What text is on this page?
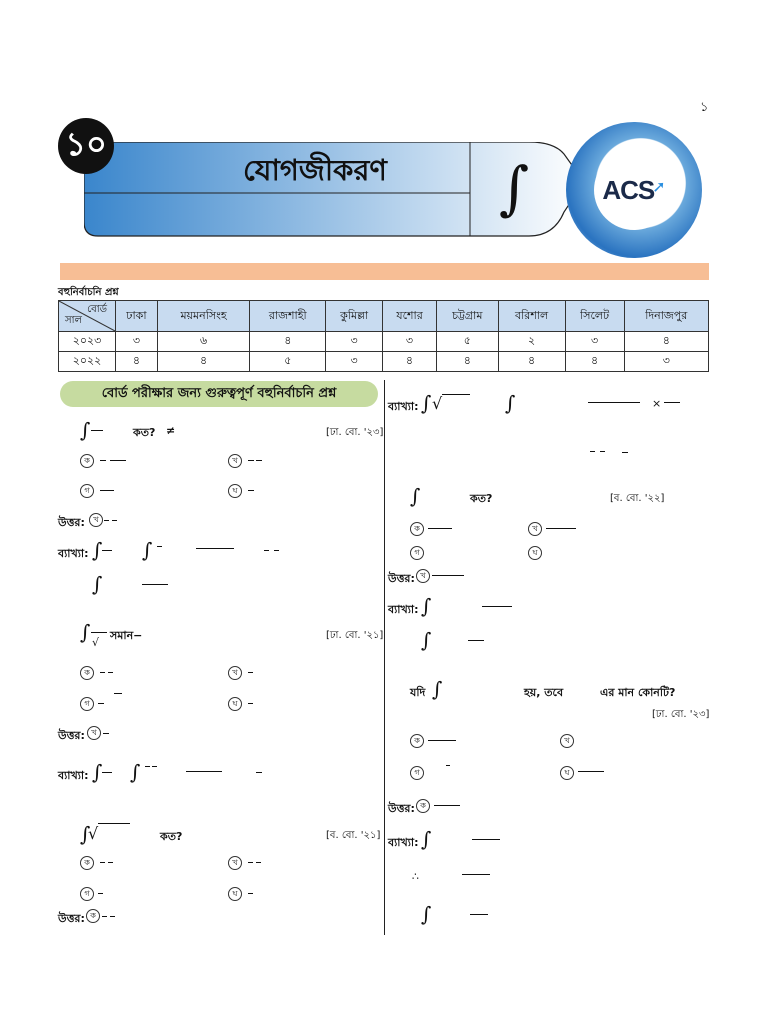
১
১০
যোগজীকরণ	∫	ACS
➚
বহুনির্বাচনি প্রশ্ন
বোর্ড
সাল	ঢাকা	ময়মনসিংহ	রাজশাহী	কুমিল্লা	যশোর	চট্টগ্রাম	বরিশাল	সিলেট	দিনাজপুর
২০২৩	৩	৬	৪	৩	৩	৫	২	৩	৪
২০২২	৪	৪	৫	৩	৪	৪	৪	৪	৩
বোর্ড পরীক্ষার জন্য গুরুত্বপূর্ণ বহুনির্বাচনি প্রশ্ন
∫	কত? ≠	[ঢা. বো. '২৩]
ক	খ
গ	ঘ
উত্তর:	খ
ব্যাখ্যা: ∫ ∫
∫
∫ √
সমান−	[ঢা. বো. '২১]
ক	খ
গ	ঘ
উত্তর: খ
ব্যাখ্যা: ∫ ∫
∫
√	কত?	[ব. বো. '২১]
ক	খ
গ	ঘ
উত্তর: ক
ব্যাখ্যা: ∫ √	∫	×
∫	কত?	[ব. বো. '২২]
ক	খ
গ	ঘ
উত্তর: খ
ব্যাখ্যা: ∫
∫
যদি ∫	হয়, তবে	এর মান কোনটি?
[ঢা. বো. '২৩]
ক	খ
গ	ঘ
উত্তর: ক
ব্যাখ্যা: ∫
∴
∫
